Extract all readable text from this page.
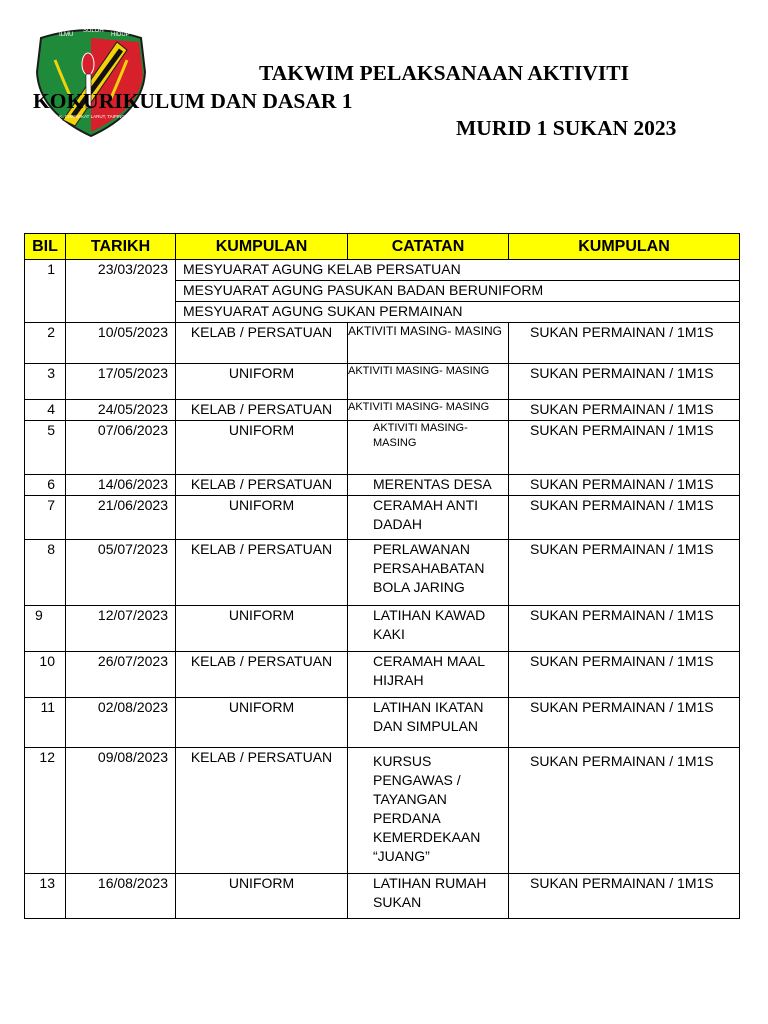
ILMU
SULOH
HIDUP
S.K. CHANGKAT LARUT, TAIPING
TAKWIM PELAKSANAAN AKTIVITI
KOKURIKULUM DAN DASAR 1
MURID 1 SUKAN 2023
BIL	TARIKH	KUMPULAN	CATATAN	KUMPULAN
1	23/03/2023	MESYUARAT AGUNG KELAB PERSATUAN		
		MESYUARAT AGUNG PASUKAN BADAN BERUNIFORM		
		MESYUARAT AGUNG SUKAN PERMAINAN		
2	10/05/2023	KELAB / PERSATUAN	AKTIVITI MASING- MASING	SUKAN PERMAINAN / 1M1S
3	17/05/2023	UNIFORM	AKTIVITI MASING- MASING	SUKAN PERMAINAN / 1M1S
4	24/05/2023	KELAB / PERSATUAN	AKTIVITI MASING- MASING	SUKAN PERMAINAN / 1M1S
5	07/06/2023	UNIFORM	AKTIVITI MASING- MASING	SUKAN PERMAINAN / 1M1S
6	14/06/2023	KELAB / PERSATUAN	MERENTAS DESA	SUKAN PERMAINAN / 1M1S
7	21/06/2023	UNIFORM	CERAMAH ANTI DADAH	SUKAN PERMAINAN / 1M1S
8	05/07/2023	KELAB / PERSATUAN	PERLAWANAN PERSAHABATAN BOLA JARING	SUKAN PERMAINAN / 1M1S
9	12/07/2023	UNIFORM	LATIHAN KAWAD KAKI	SUKAN PERMAINAN / 1M1S
10	26/07/2023	KELAB / PERSATUAN	CERAMAH MAAL HIJRAH	SUKAN PERMAINAN / 1M1S
11	02/08/2023	UNIFORM	LATIHAN IKATAN DAN SIMPULAN	SUKAN PERMAINAN / 1M1S
12	09/08/2023	KELAB / PERSATUAN	KURSUS PENGAWAS / TAYANGAN PERDANA KEMERDEKAAN “JUANG”	SUKAN PERMAINAN / 1M1S
13	16/08/2023	UNIFORM	LATIHAN RUMAH SUKAN	SUKAN PERMAINAN / 1M1S
